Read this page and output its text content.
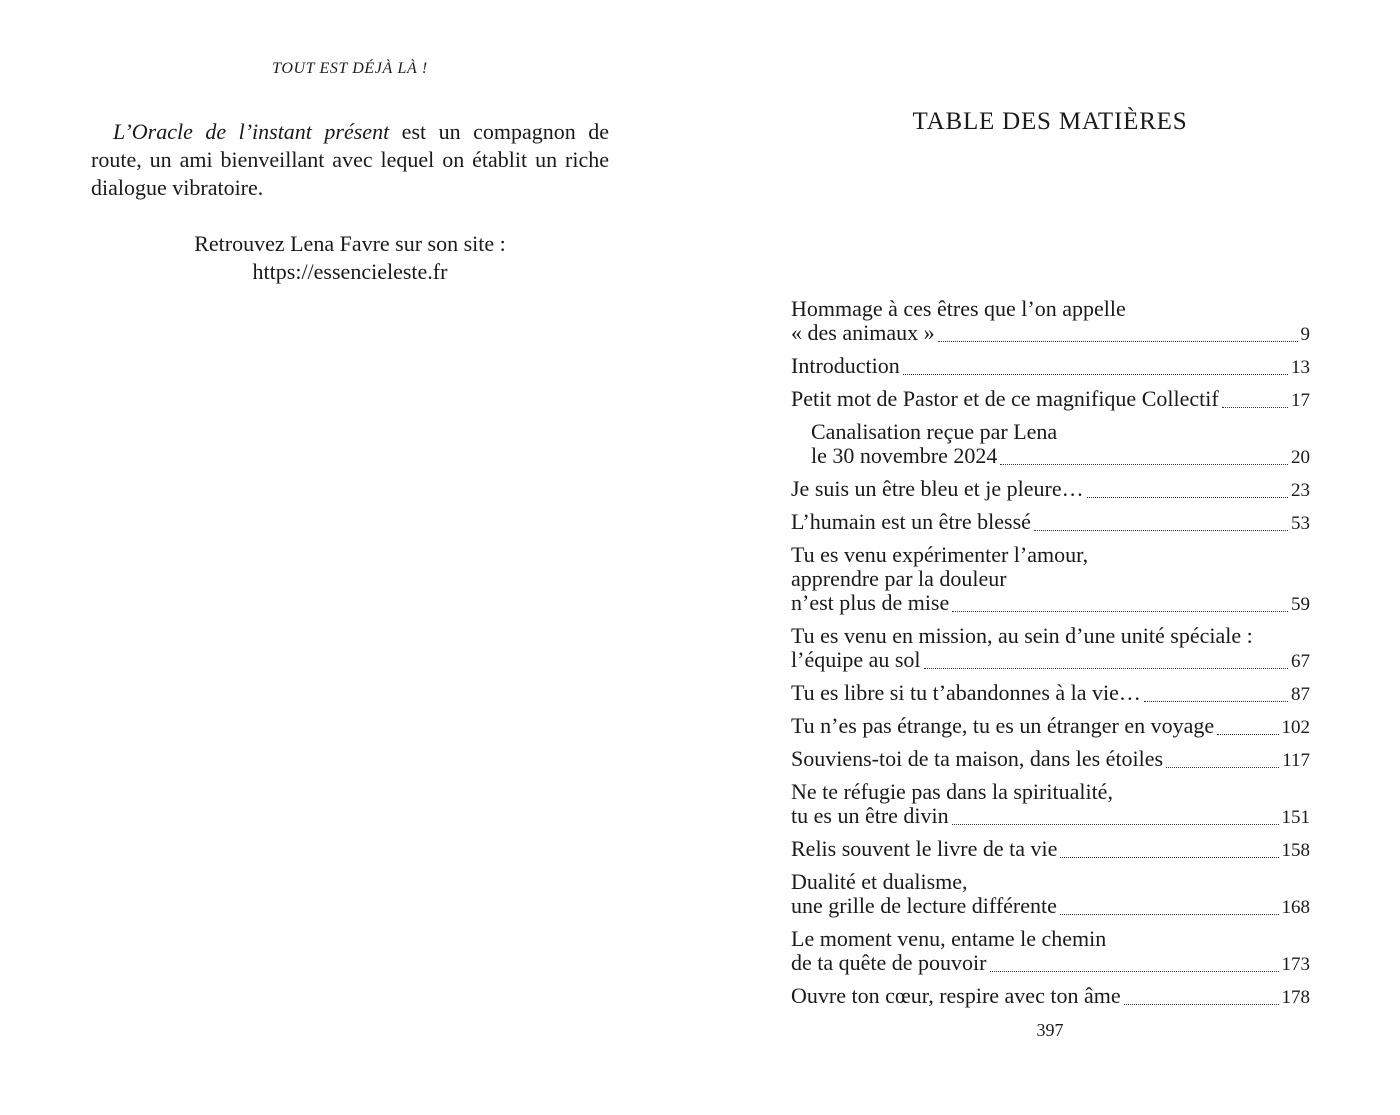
TOUT EST DÉJÀ LÀ !

L’Oracle de l’instant présent est un compagnon de route, un ami bienveillant avec lequel on établit un riche dialogue vibratoire.

Retrouvez Lena Favre sur son site :
https://essencieleste.fr
TABLE DES MATIÈRES
Hommage à ces êtres que l’on appelle
« des animaux »	9
Introduction	13
Petit mot de Pastor et de ce magnifique Collectif	17
Canalisation reçue par Lena
le 30 novembre 2024	20
Je suis un être bleu et je pleure…	23
L’humain est un être blessé	53
Tu es venu expérimenter l’amour,
apprendre par la douleur
n’est plus de mise	59
Tu es venu en mission, au sein d’une unité spéciale :
l’équipe au sol	67
Tu es libre si tu t’abandonnes à la vie…	87
Tu n’es pas étrange, tu es un étranger en voyage	102
Souviens-toi de ta maison, dans les étoiles	117
Ne te réfugie pas dans la spiritualité,
tu es un être divin	151
Relis souvent le livre de ta vie	158
Dualité et dualisme,
une grille de lecture différente	168
Le moment venu, entame le chemin
de ta quête de pouvoir	173
Ouvre ton cœur, respire avec ton âme	178
397
